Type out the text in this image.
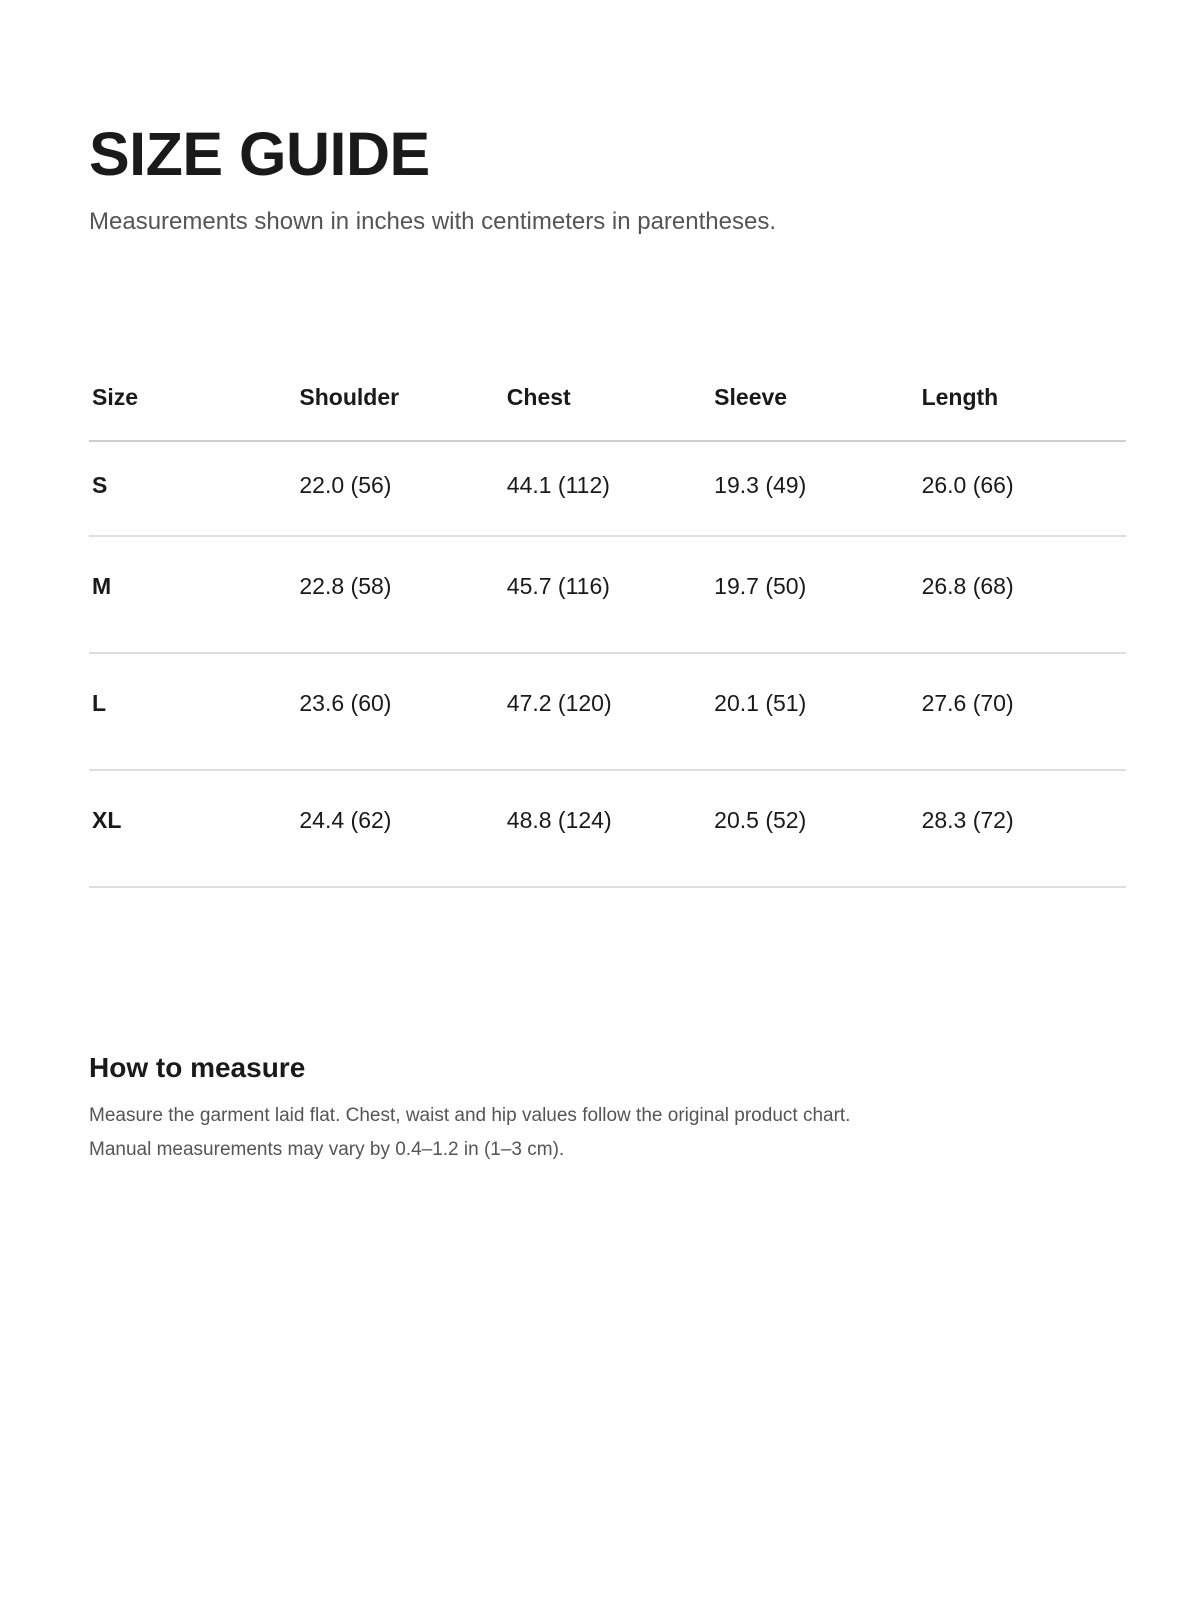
SIZE GUIDE

Measurements shown in inches with centimeters in parentheses.

Size	Shoulder	Chest	Sleeve	Length
S	22.0 (56)	44.1 (112)	19.3 (49)	26.0 (66)
M	22.8 (58)	45.7 (116)	19.7 (50)	26.8 (68)
L	23.6 (60)	47.2 (120)	20.1 (51)	27.6 (70)
XL	24.4 (62)	48.8 (124)	20.5 (52)	28.3 (72)
How to measure

Measure the garment laid flat. Chest, waist and hip values follow the original product chart.

Manual measurements may vary by 0.4–1.2 in (1–3 cm).
